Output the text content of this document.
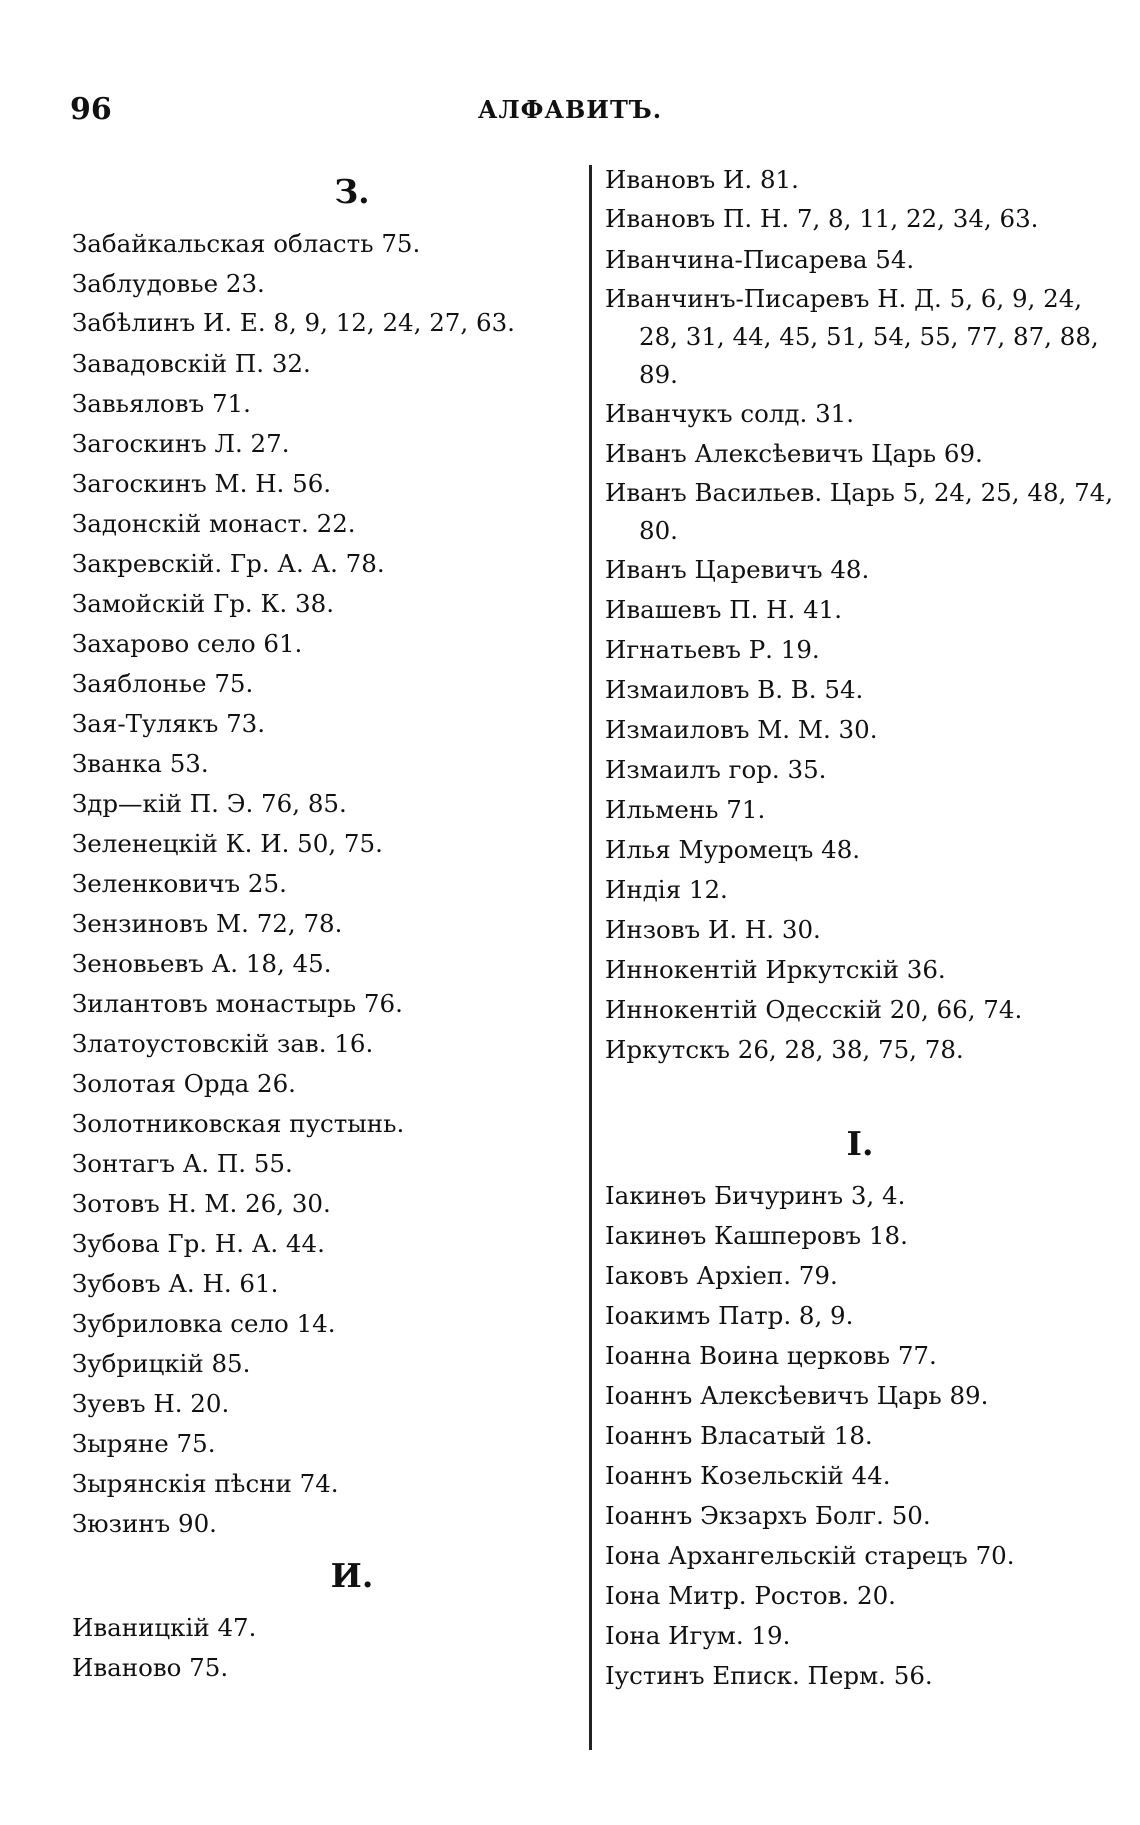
96	АЛФАВИТЪ.
З.
Забайкальская область 75.
Заблудовье 23.
Забѣлинъ И. Е. 8, 9, 12, 24, 27, 63.
Завадовскій П. 32.
Завьяловъ 71.
Загоскинъ Л. 27.
Загоскинъ М. Н. 56.
Задонскій монаст. 22.
Закревскій. Гр. А. А. 78.
Замойскій Гр. К. 38.
Захарово село 61.
Заяблонье 75.
Зая-Тулякъ 73.
Званка 53.
Здр—кій П. Э. 76, 85.
Зеленецкій К. И. 50, 75.
Зеленковичъ 25.
Зензиновъ М. 72, 78.
Зеновьевъ А. 18, 45.
Зилантовъ монастырь 76.
Златоустовскій зав. 16.
Золотая Орда 26.
Золотниковская пустынь.
Зонтагъ А. П. 55.
Зотовъ Н. М. 26, 30.
Зубова Гр. Н. А. 44.
Зубовъ А. Н. 61.
Зубриловка село 14.
Зубрицкій 85.
Зуевъ Н. 20.
Зыряне 75.
Зырянскія пѣсни 74.
Зюзинъ 90.
И.
Иваницкій 47.
Иваново 75.
Ивановъ И. 81.
Ивановъ П. Н. 7, 8, 11, 22, 34, 63.
Иванчина-Писарева 54.
Иванчинъ-Писаревъ Н. Д. 5, 6, 9, 24, 28, 31, 44, 45, 51, 54, 55, 77, 87, 88, 89.
Иванчукъ солд. 31.
Иванъ Алексѣевичъ Царь 69.
Иванъ Васильев. Царь 5, 24, 25, 48, 74, 80.
Иванъ Царевичъ 48.
Ивашевъ П. Н. 41.
Игнатьевъ Р. 19.
Измаиловъ В. В. 54.
Измаиловъ М. М. 30.
Измаилъ гор. 35.
Ильмень 71.
Илья Муромецъ 48.
Индія 12.
Инзовъ И. Н. 30.
Иннокентій Иркутскій 36.
Иннокентій Одесскій 20, 66, 74.
Иркутскъ 26, 28, 38, 75, 78.
І.
Іакинѳъ Бичуринъ 3, 4.
Іакинѳъ Кашперовъ 18.
Іаковъ Архіеп. 79.
Іоакимъ Патр. 8, 9.
Іоанна Воина церковь 77.
Іоаннъ Алексѣевичъ Царь 89.
Іоаннъ Власатый 18.
Іоаннъ Козельскій 44.
Іоаннъ Экзархъ Болг. 50.
Іона Архангельскій старецъ 70.
Іона Митр. Ростов. 20.
Іона Игум. 19.
Іустинъ Еписк. Перм. 56.
